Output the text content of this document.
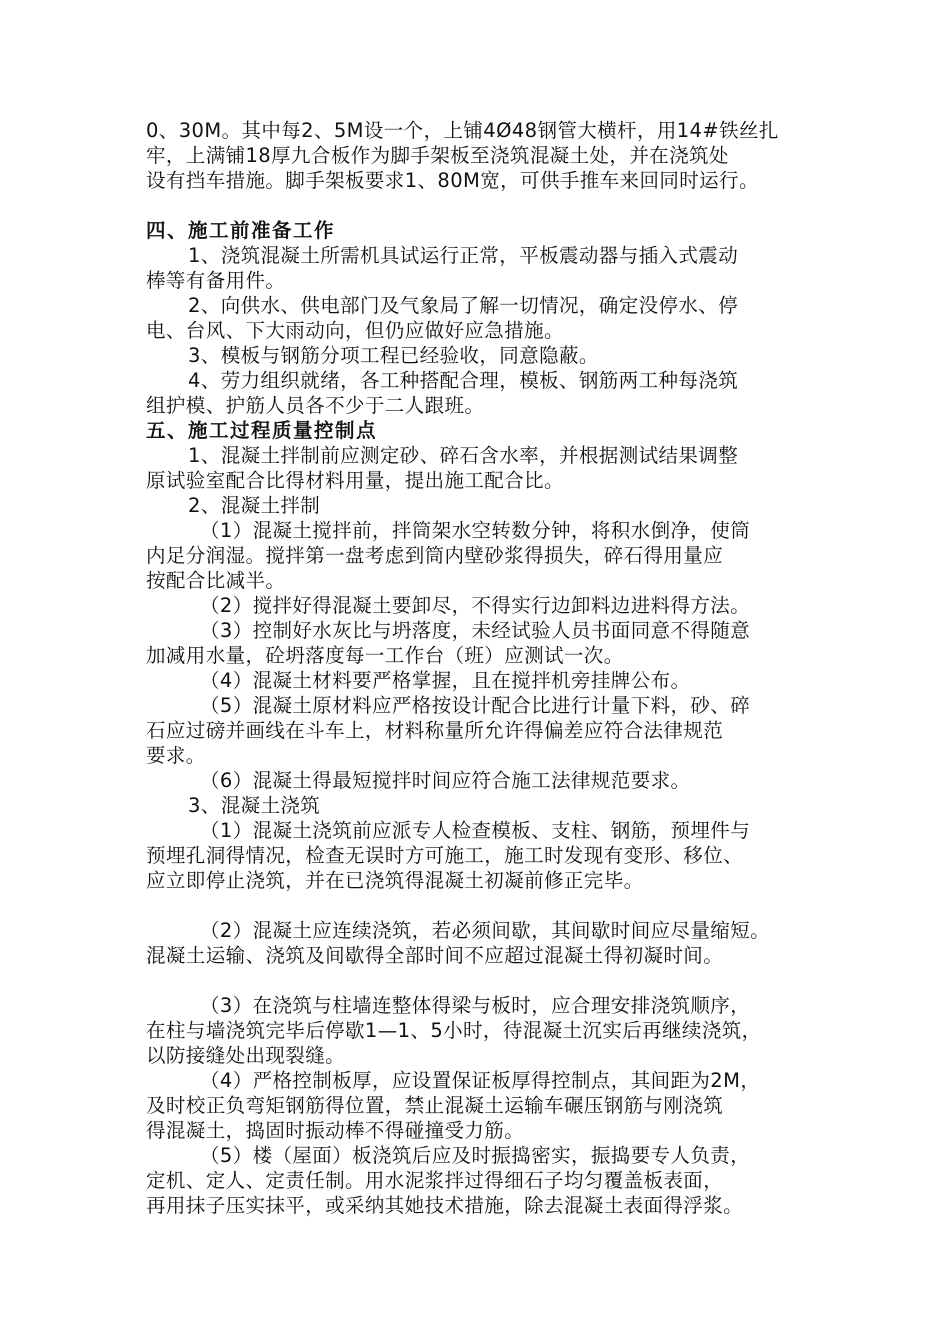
0、30M。其中每2、5M设一个，上铺4Ø48钢管大横杆，用14#铁丝扎
牢，上满铺18厚九合板作为脚手架板至浇筑混凝土处，并在浇筑处
设有挡车措施。脚手架板要求1、80M宽，可供手推车来回同时运行。
四、施工前准备工作
1、浇筑混凝土所需机具试运行正常，平板震动器与插入式震动
棒等有备用件。
2、向供水、供电部门及气象局了解一切情况，确定没停水、停
电、台风、下大雨动向，但仍应做好应急措施。
3、模板与钢筋分项工程已经验收，同意隐蔽。
4、劳力组织就绪，各工种搭配合理，模板、钢筋两工种每浇筑
组护模、护筋人员各不少于二人跟班。
五、施工过程质量控制点
1、混凝土拌制前应测定砂、碎石含水率，并根据测试结果调整
原试验室配合比得材料用量，提出施工配合比。
2、混凝土拌制
（1）混凝土搅拌前，拌筒架水空转数分钟，将积水倒净，使筒
内足分润湿。搅拌第一盘考虑到筒内壁砂浆得损失，碎石得用量应
按配合比减半。
（2）搅拌好得混凝土要卸尽，不得实行边卸料边进料得方法。
（3）控制好水灰比与坍落度，未经试验人员书面同意不得随意
加减用水量，砼坍落度每一工作台（班）应测试一次。
（4）混凝土材料要严格掌握，且在搅拌机旁挂牌公布。
（5）混凝土原材料应严格按设计配合比进行计量下料，砂、碎
石应过磅并画线在斗车上，材料称量所允许得偏差应符合法律规范
要求。
（6）混凝土得最短搅拌时间应符合施工法律规范要求。
3、混凝土浇筑
（1）混凝土浇筑前应派专人检查模板、支柱、钢筋，预埋件与
预埋孔洞得情况，检查无误时方可施工，施工时发现有变形、移位、
应立即停止浇筑，并在已浇筑得混凝土初凝前修正完毕。
（2）混凝土应连续浇筑，若必须间歇，其间歇时间应尽量缩短。
混凝土运输、浇筑及间歇得全部时间不应超过混凝土得初凝时间。
（3）在浇筑与柱墙连整体得梁与板时，应合理安排浇筑顺序，
在柱与墙浇筑完毕后停歇1—1、5小时，待混凝土沉实后再继续浇筑，
以防接缝处出现裂缝。
（4）严格控制板厚，应设置保证板厚得控制点，其间距为2M，
及时校正负弯矩钢筋得位置，禁止混凝土运输车碾压钢筋与刚浇筑
得混凝土，捣固时振动棒不得碰撞受力筋。
（5）楼（屋面）板浇筑后应及时振捣密实，振捣要专人负责，
定机、定人、定责任制。用水泥浆拌过得细石子均匀覆盖板表面，
再用抹子压实抹平，或采纳其她技术措施，除去混凝土表面得浮浆。
